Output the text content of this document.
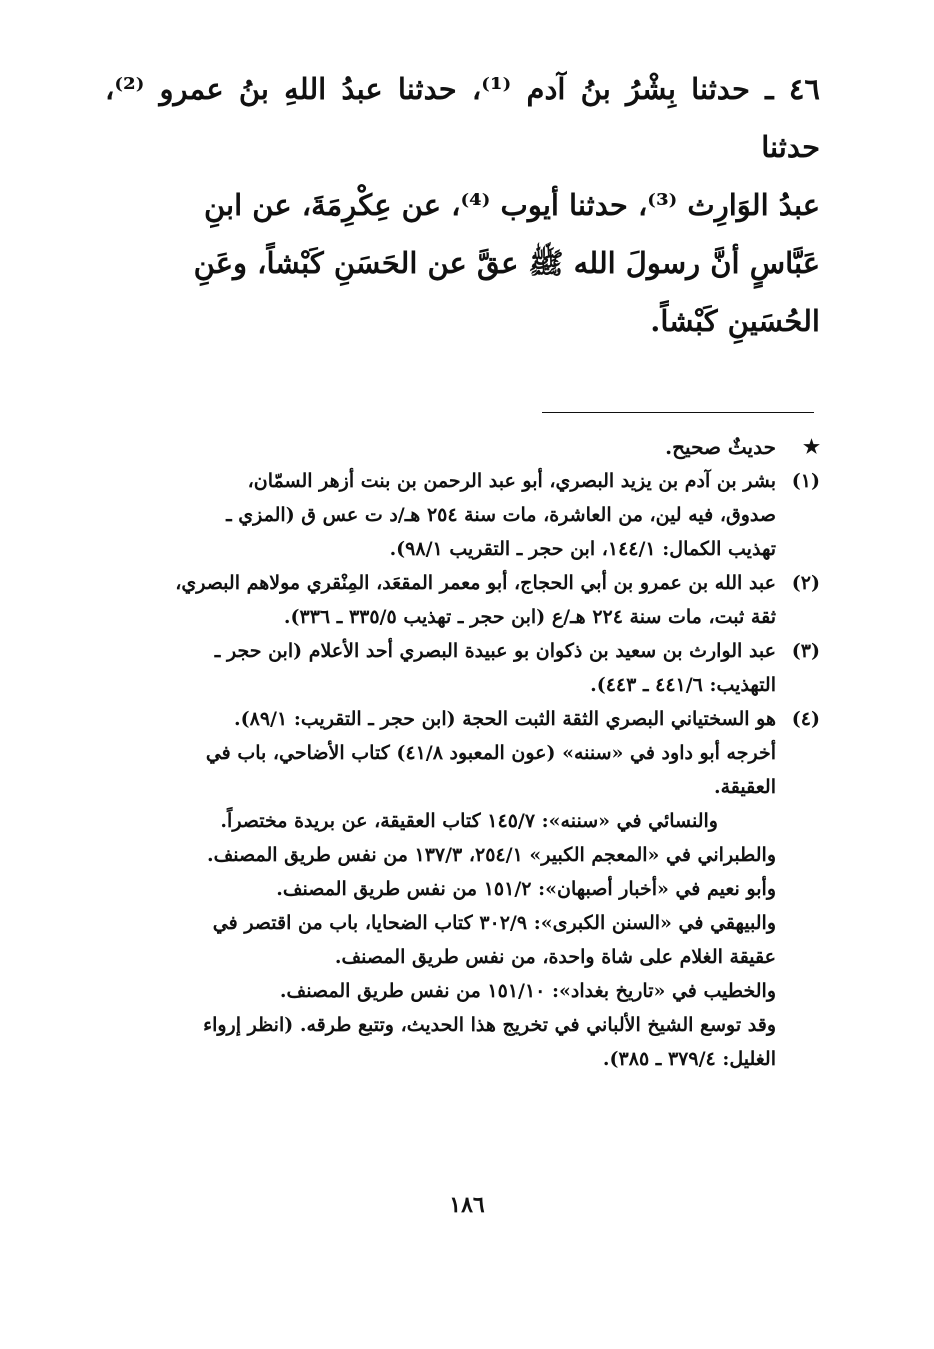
٤٦ ـ حدثنا بِشْرُ بنُ آدم ⁽¹⁾، حدثنا عبدُ اللهِ بنُ عمرو ⁽²⁾، حدثنا

عبدُ الوَارِث ⁽³⁾، حدثنا أيوب ⁽⁴⁾، عن عِكْرِمَةَ، عن ابنِ

عَبَّاسٍ أنَّ رسولَ الله ﷺ عقَّ عن الحَسَنِ كَبْشاً، وعَنِ

الحُسَينِ كَبْشاً.

★

حديثٌ صحيح.

(١)

بشر بن آدم بن يزيد البصري، أبو عبد الرحمن بن بنت أزهر السمّان،

صدوق، فيه لين، من العاشرة، مات سنة ٢٥٤ هـ/د ت عس ق (المزي ـ

تهذيب الكمال: ١٤٤/١، ابن حجر ـ التقريب ٩٨/١).

(٢)

عبد الله بن عمرو بن أبي الحجاج، أبو معمر المقعَد، المِنْقري مولاهم البصري،

ثقة ثبت، مات سنة ٢٢٤ هـ/ع (ابن حجر ـ تهذيب ٣٣٥/٥ ـ ٣٣٦).

(٣)

عبد الوارث بن سعيد بن ذكوان بو عبيدة البصري أحد الأعلام (ابن حجر ـ

التهذيب: ٤٤١/٦ ـ ٤٤٣).

(٤)

هو السختياني البصري الثقة الثبت الحجة (ابن حجر ـ التقريب: ٨٩/١).

أخرجه أبو داود في «سننه» (عون المعبود ٤١/٨) كتاب الأضاحي، باب في

العقيقة.

والنسائي في «سننه»: ١٤٥/٧ كتاب العقيقة، عن بريدة مختصراً.

والطبراني في «المعجم الكبير» ٢٥٤/١، ١٣٧/٣ من نفس طريق المصنف.

وأبو نعيم في «أخبار أصبهان»: ١٥١/٢ من نفس طريق المصنف.

والبيهقي في «السنن الكبرى»: ٣٠٢/٩ كتاب الضحايا، باب من اقتصر في

عقيقة الغلام على شاة واحدة، من نفس طريق المصنف.

والخطيب في «تاريخ بغداد»: ١٥١/١٠ من نفس طريق المصنف.

وقد توسع الشيخ الألباني في تخريج هذا الحديث، وتتبع طرقه. (انظر إرواء

الغليل: ٣٧٩/٤ ـ ٣٨٥).

١٨٦
